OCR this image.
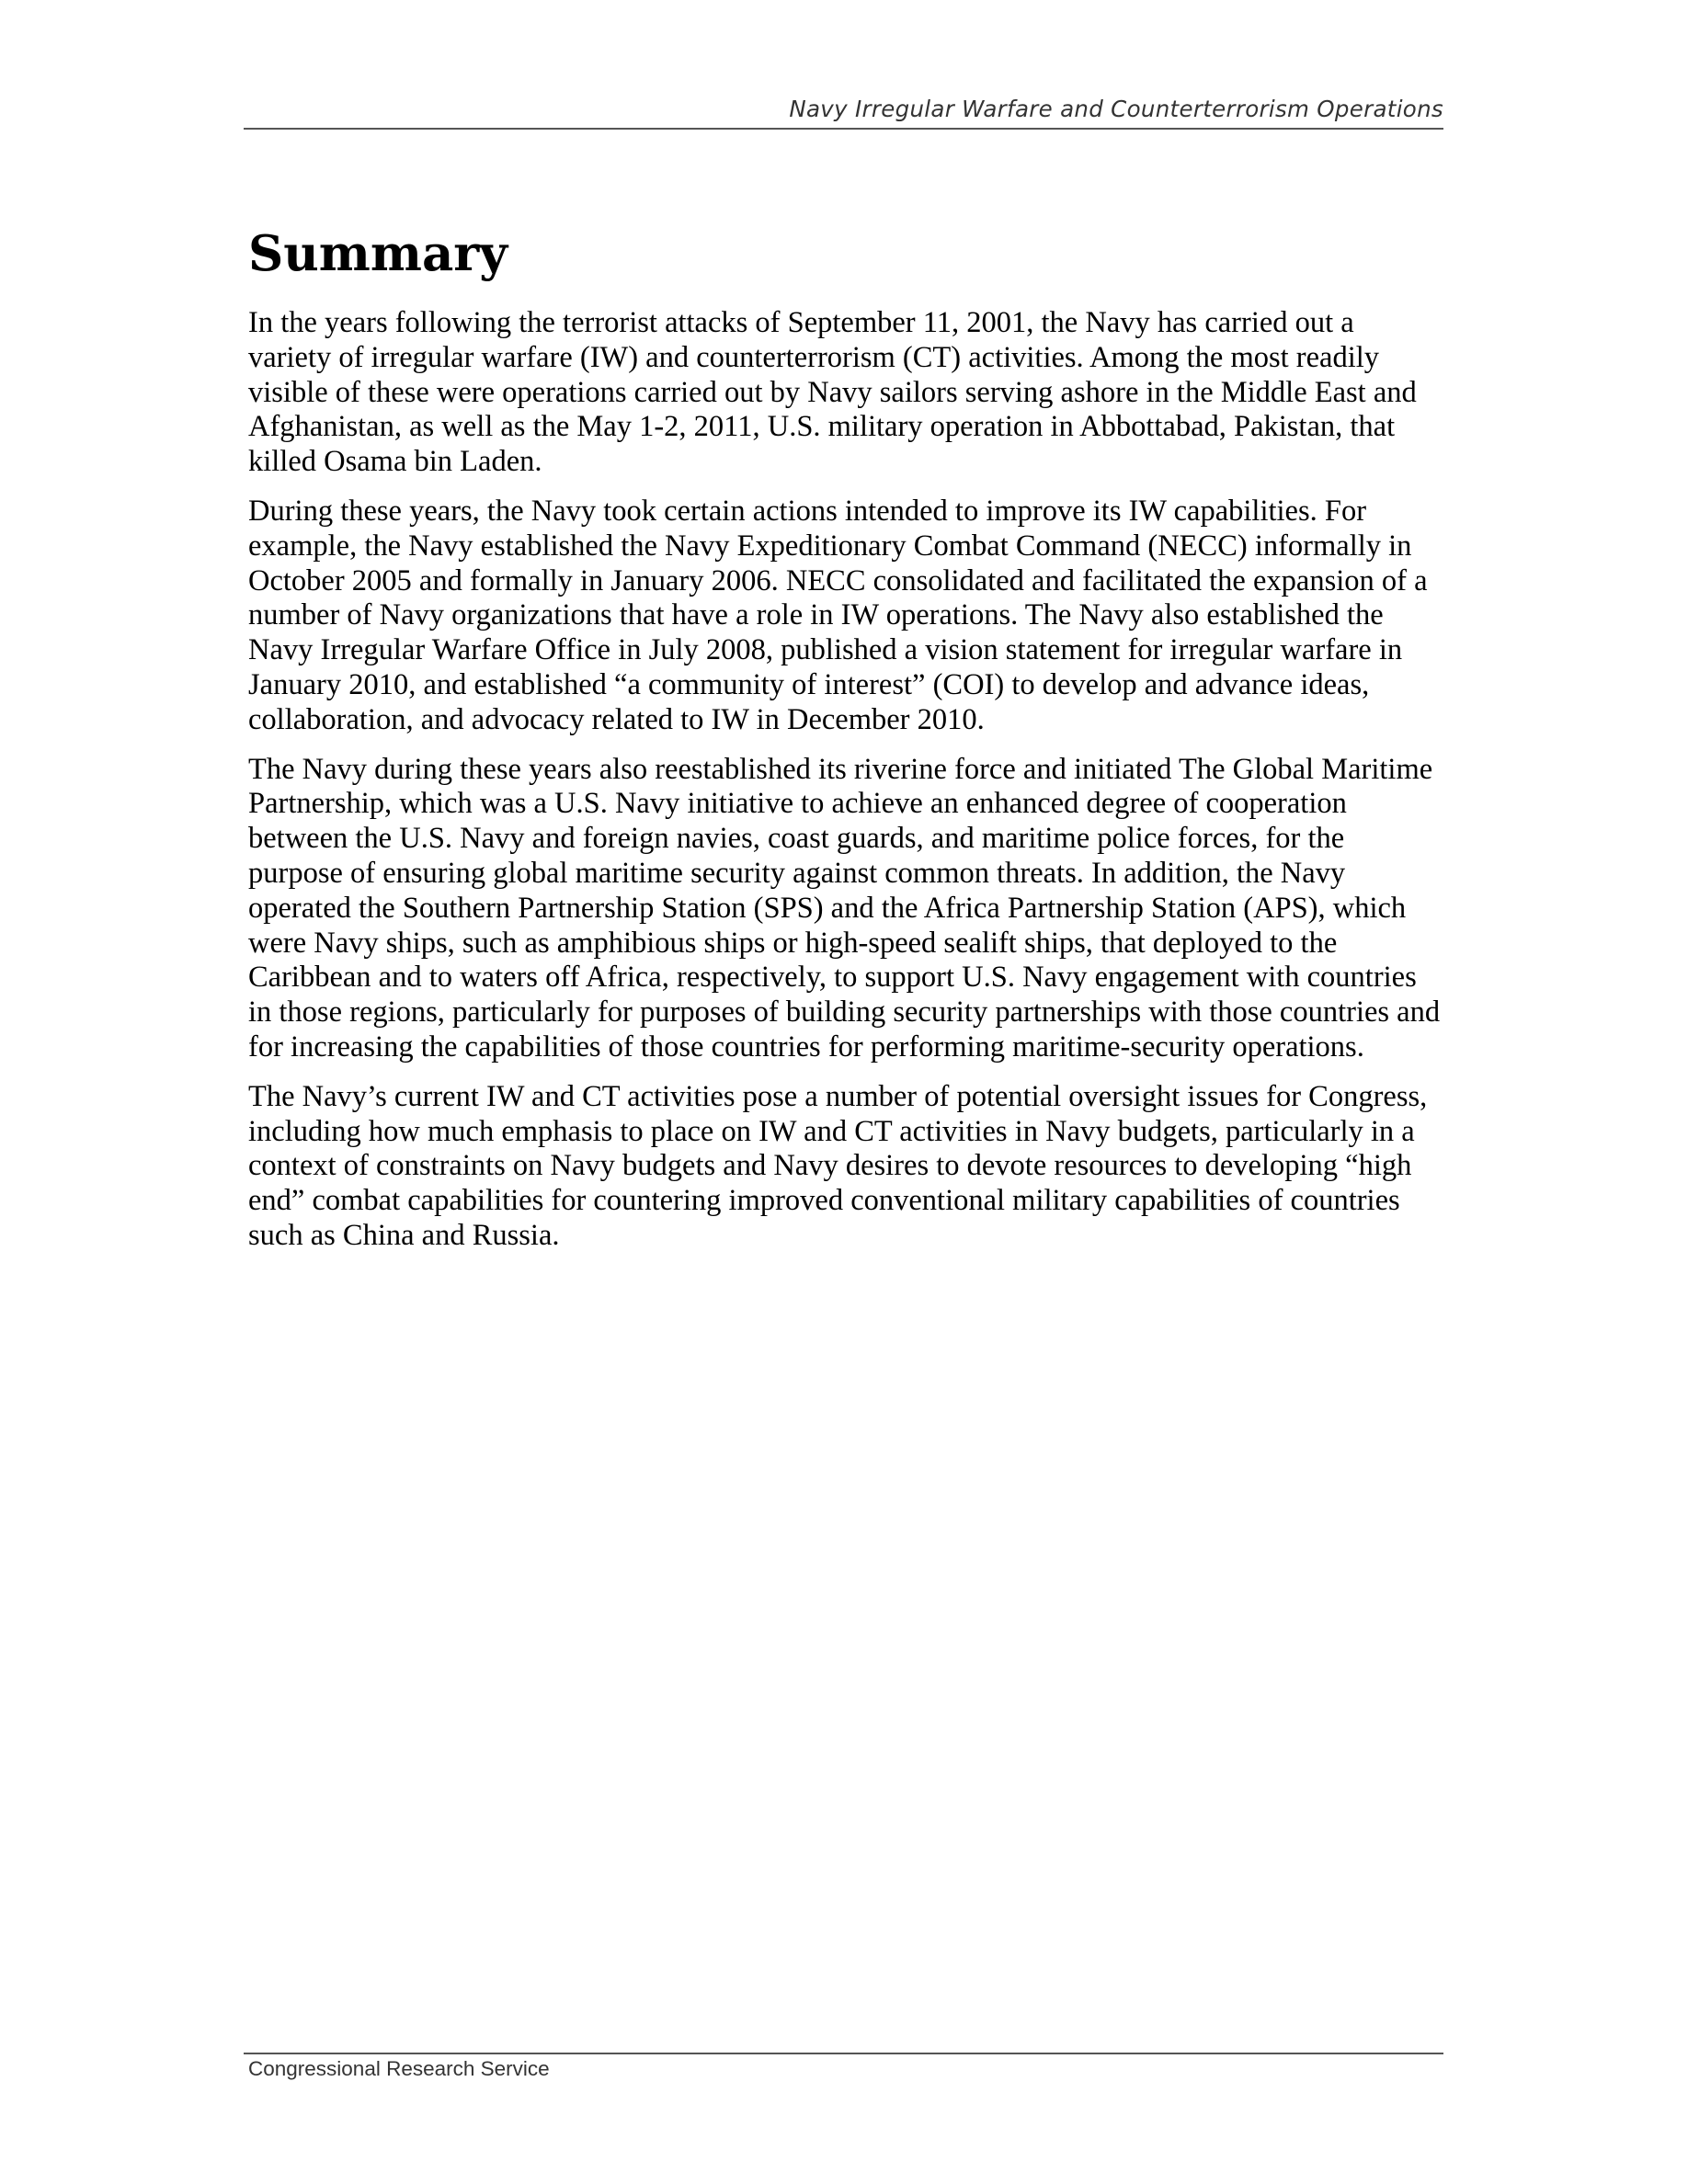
Navy Irregular Warfare and Counterterrorism Operations
Summary

In the years following the terrorist attacks of September 11, 2001, the Navy has carried out a variety of irregular warfare (IW) and counterterrorism (CT) activities. Among the most readily visible of these were operations carried out by Navy sailors serving ashore in the Middle East and Afghanistan, as well as the May 1-2, 2011, U.S. military operation in Abbottabad, Pakistan, that killed Osama bin Laden.

During these years, the Navy took certain actions intended to improve its IW capabilities. For example, the Navy established the Navy Expeditionary Combat Command (NECC) informally in October 2005 and formally in January 2006. NECC consolidated and facilitated the expansion of a number of Navy organizations that have a role in IW operations. The Navy also established the Navy Irregular Warfare Office in July 2008, published a vision statement for irregular warfare in January 2010, and established “a community of interest” (COI) to develop and advance ideas, collaboration, and advocacy related to IW in December 2010.

The Navy during these years also reestablished its riverine force and initiated The Global Maritime Partnership, which was a U.S. Navy initiative to achieve an enhanced degree of cooperation between the U.S. Navy and foreign navies, coast guards, and maritime police forces, for the purpose of ensuring global maritime security against common threats. In addition, the Navy operated the Southern Partnership Station (SPS) and the Africa Partnership Station (APS), which were Navy ships, such as amphibious ships or high-speed sealift ships, that deployed to the Caribbean and to waters off Africa, respectively, to support U.S. Navy engagement with countries in those regions, particularly for purposes of building security partnerships with those countries and for increasing the capabilities of those countries for performing maritime-security operations.

The Navy’s current IW and CT activities pose a number of potential oversight issues for Congress, including how much emphasis to place on IW and CT activities in Navy budgets, particularly in a context of constraints on Navy budgets and Navy desires to devote resources to developing “high end” combat capabilities for countering improved conventional military capabilities of countries such as China and Russia.

Congressional Research Service
